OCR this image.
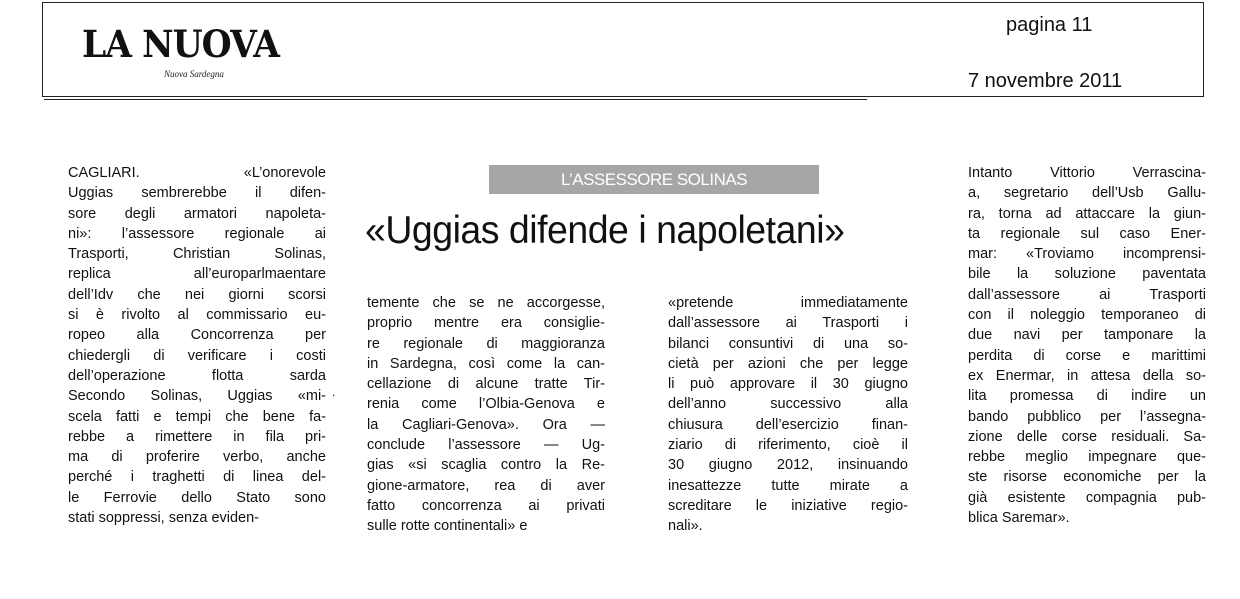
LA NUOVA
Nuova Sardegna
pagina 11
7 novembre 2011
L’ASSESSORE SOLINAS
«Uggias difende i napoletani»
CAGLIARI. «L’onorevole
Uggias sembrerebbe il difen-
sore degli armatori napoleta-
ni»: l’assessore regionale ai
Trasporti, Christian Solinas,
replica all’europarlmaentare
dell’Idv che nei giorni scorsi
si è rivolto al commissario eu-
ropeo alla Concorrenza per
chiedergli di verificare i costi
dell’operazione flotta sarda
Secondo Solinas, Uggias «mi-
scela fatti e tempi che bene fa-
rebbe a rimettere in fila pri-
ma di proferire verbo, anche
perché i traghetti di linea del-
le Ferrovie dello Stato sono
stati soppressi, senza eviden-
temente che se ne accorgesse,
proprio mentre era consiglie-
re regionale di maggioranza
in Sardegna, così come la can-
cellazione di alcune tratte Tir-
renia come l’Olbia-Genova e
la Cagliari-Genova». Ora —
conclude l’assessore — Ug-
gias «si scaglia contro la Re-
gione-armatore, rea di aver
fatto concorrenza ai privati
sulle rotte continentali» e
«pretende immediatamente
dall’assessore ai Trasporti i
bilanci consuntivi di una so-
cietà per azioni che per legge
li può approvare il 30 giugno
dell’anno successivo alla
chiusura dell’esercizio finan-
ziario di riferimento, cioè il
30 giugno 2012, insinuando
inesattezze tutte mirate a
screditare le iniziative regio-
nali».
Intanto Vittorio Verrascina-
a, segretario dell’Usb Gallu-
ra, torna ad attaccare la giun-
ta regionale sul caso Ener-
mar: «Troviamo incomprensi-
bile la soluzione paventata
dall’assessore ai Trasporti
con il noleggio temporaneo di
due navi per tamponare la
perdita di corse e marittimi
ex Enermar, in attesa della so-
lita promessa di indire un
bando pubblico per l’assegna-
zione delle corse residuali. Sa-
rebbe meglio impegnare que-
ste risorse economiche per la
già esistente compagnia pub-
blica Saremar».
.
